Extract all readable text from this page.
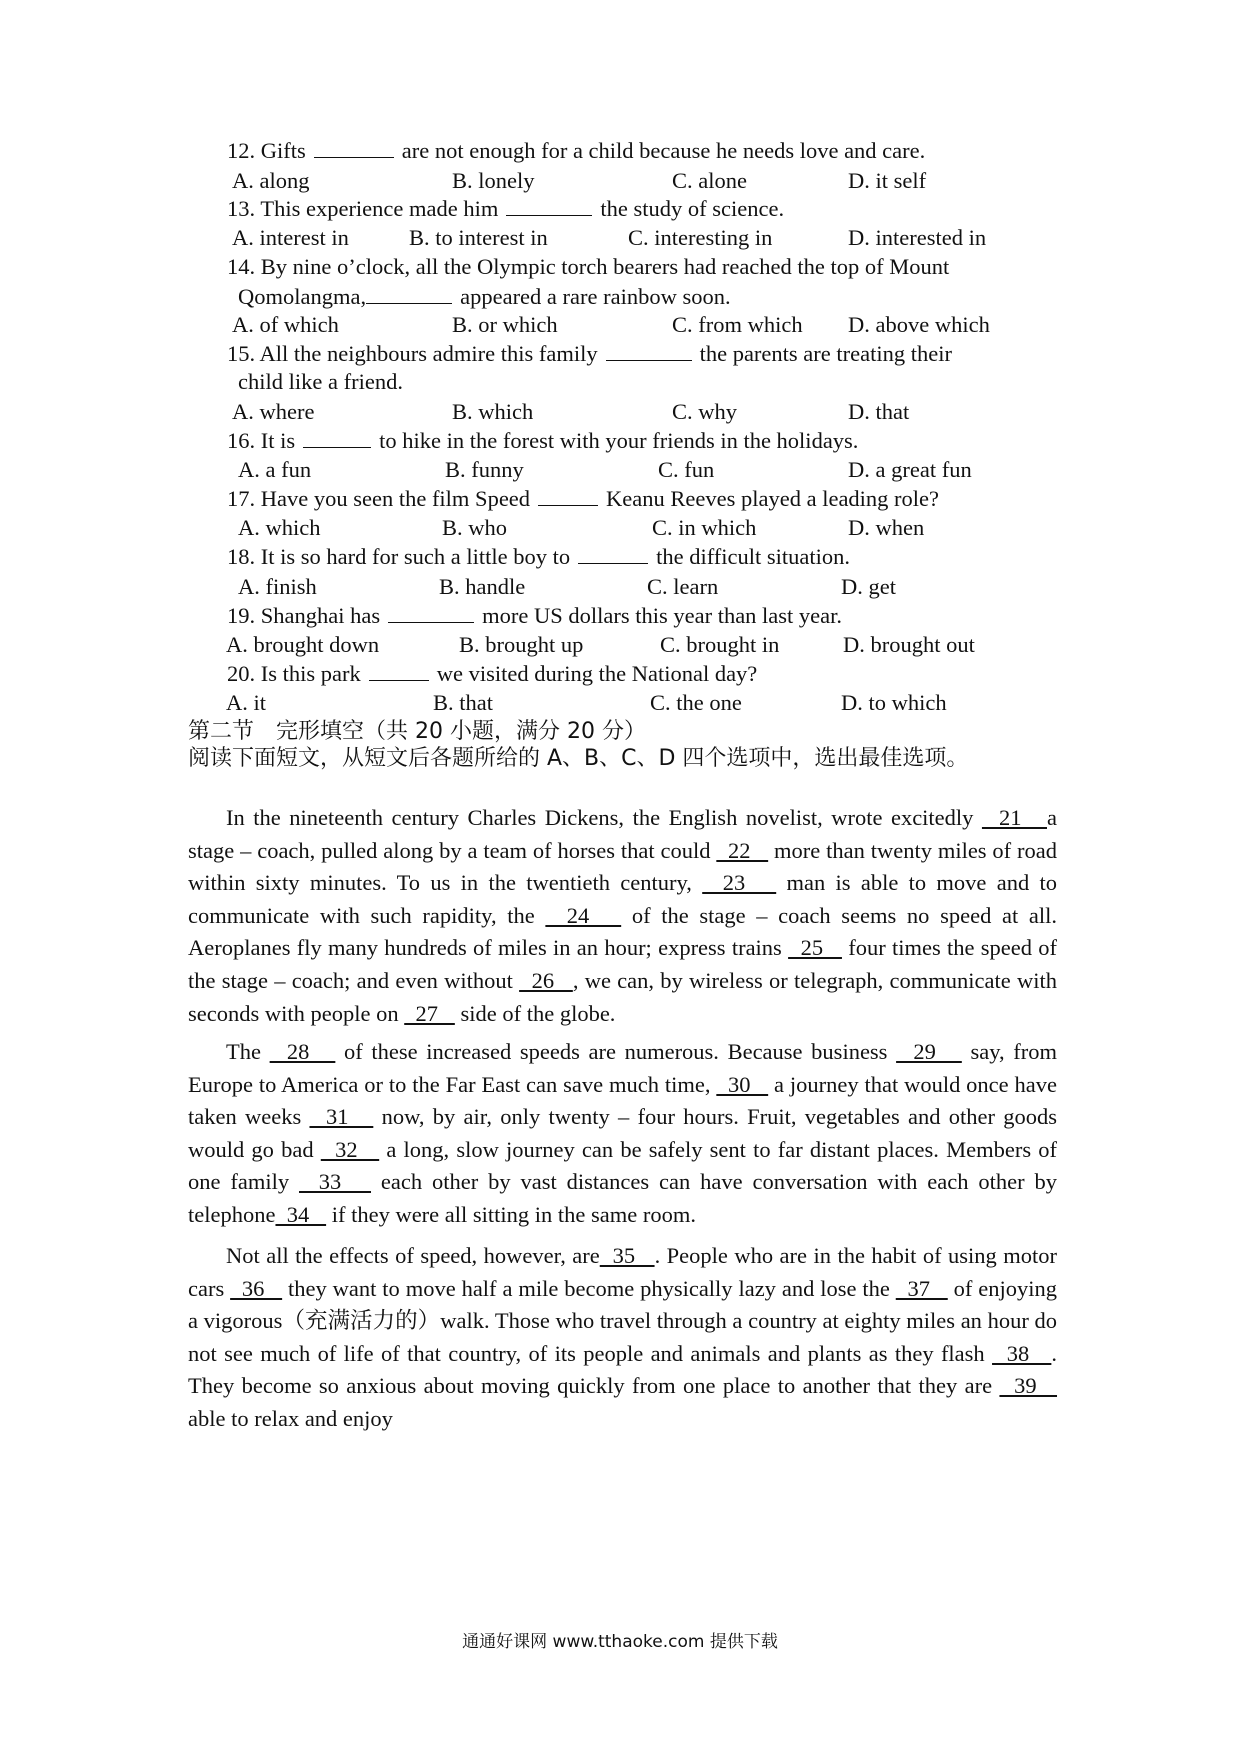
12. Gifts	are not enough for a child because he needs love and care.
A. along	B. lonely	C. alone	D. it self
13. This experience made him	the study of science.
A. interest in	B. to interest in	C. interesting in	D. interested in
14. By nine o’clock, all the Olympic torch bearers had reached the top of Mount
Qomolangma,	appeared a rare rainbow soon.
A. of which	B. or which	C. from which D. above which
15. All the neighbours admire this family	the parents are treating their
child like a friend.
A. where	B. which	C. why	D. that
16. It is	to hike in the forest with your friends in the holidays.
A. a fun	B. funny	C. fun	D. a great fun
17. Have you seen the film Speed	Keanu Reeves played a leading role?
A. which	B. who	C. in which	D. when
18. It is so hard for such a little boy to	the difficult situation.
A. finish	B. handle	C. learn	D. get
19. Shanghai has	more US dollars this year than last year.
A. brought down	B. brought up	C. brought in	D. brought out
20. Is this park	we visited during the National day?
A. it	B. that	C. the one	D. to which

第二节　完形填空（共 20 小题，满分 20 分）

阅读下面短文，从短文后各题所给的 A、B、C、D 四个选项中，选出最佳选项。

In the nineteenth century Charles Dickens, the English novelist, wrote excitedly   21   a stage – coach, pulled along by a team of horses that could   22    more than twenty miles of road within sixty minutes. To us in the twentieth century,   23    man is able to move and to communicate with such rapidity, the   24    of the stage – coach seems no speed at all. Aeroplanes fly many hundreds of miles in an hour; express trains   25    four times the speed of the stage – coach; and even without   26   , we can, by wireless or telegraph, communicate with seconds with people on   27    side of the globe.

The   28    of these increased speeds are numerous. Because business   29    say, from Europe to America or to the Far East can save much time,   30    a journey that would once have taken weeks   31    now, by air, only twenty – four hours. Fruit, vegetables and other goods would go bad   32    a long, slow journey can be safely sent to far distant places. Members of one family   33    each other by vast distances can have conversation with each other by telephone  34    if they were all sitting in the same room.

Not all the effects of speed, however, are  35   . People who are in the habit of using motor cars   36    they want to move half a mile become physically lazy and lose the   37    of enjoying a vigorous（充满活力的）walk. Those who travel through a country at eighty miles an hour do not see much of life of that country, of its people and animals and plants as they flash   38   . They become so anxious about moving quickly from one place to another that they are   39    able to relax and enjoy

通通好课网 www.tthaoke.com 提供下载
